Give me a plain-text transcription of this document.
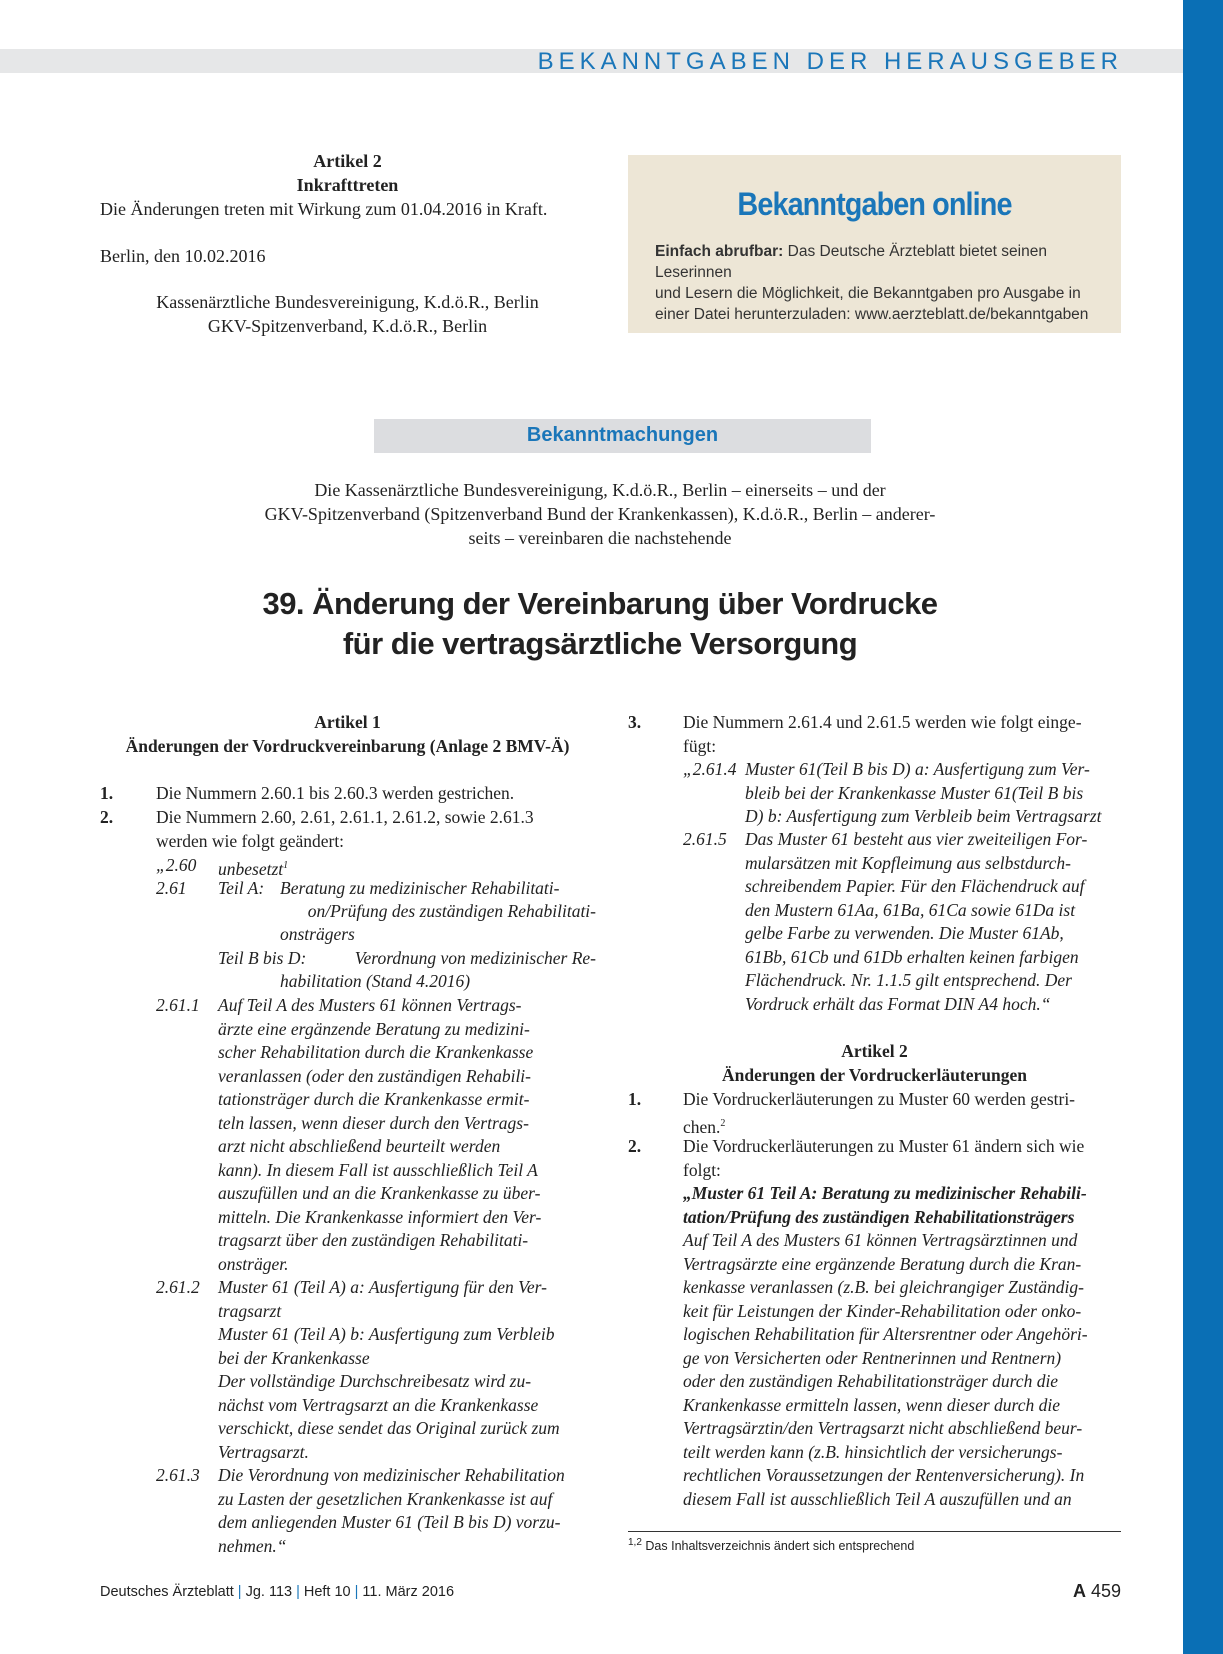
BEKANNTGABEN DER HERAUSGEBER
Artikel 2
Inkrafttreten
Die Änderungen treten mit Wirkung zum 01.04.2016 in Kraft.
Berlin, den 10.02.2016
Kassenärztliche Bundesvereinigung, K.d.ö.R., Berlin
GKV-Spitzenverband, K.d.ö.R., Berlin
Bekanntgaben online
Einfach abrufbar: Das Deutsche Ärzteblatt bietet seinen Leserinnen
und Lesern die Möglichkeit, die Bekanntgaben pro Ausgabe in
einer Datei herunterzuladen: www.aerzteblatt.de/bekanntgaben
Bekanntmachungen
Die Kassenärztliche Bundesvereinigung, K.d.ö.R., Berlin – einerseits – und der
GKV-Spitzenverband (Spitzenverband Bund der Krankenkassen), K.d.ö.R., Berlin – anderer-
seits – vereinbaren die nachstehende
39. Änderung der Vereinbarung über Vordrucke
für die vertragsärztliche Versorgung
Artikel 1
Änderungen der Vordruckvereinbarung (Anlage 2 BMV-Ä)
1. Die Nummern 2.60.1 bis 2.60.3 werden gestrichen.
2. Die Nummern 2.60, 2.61, 2.61.1, 2.61.2, sowie 2.61.3
werden wie folgt geändert:
„2.60 unbesetzt$^1$
2.61 Teil A: Beratung zu medizinischer Rehabilitati-
on/Prüfung des zuständigen Rehabilitati-
onsträgers
Teil B bis D:	Verordnung von medizinischer Re-
habilitation (Stand 4.2016)
2.61.1 Auf Teil A des Musters 61 können Vertrags-
ärzte eine ergänzende Beratung zu medizini-
scher Rehabilitation durch die Krankenkasse
veranlassen (oder den zuständigen Rehabili-
tationsträger durch die Krankenkasse ermit-
teln lassen, wenn dieser durch den Vertrags-
arzt nicht abschließend beurteilt werden
kann). In diesem Fall ist ausschließlich Teil A
auszufüllen und an die Krankenkasse zu über-
mitteln. Die Krankenkasse informiert den Ver-
tragsarzt über den zuständigen Rehabilitati-
onsträger.
2.61.2 Muster 61 (Teil A) a: Ausfertigung für den Ver-
tragsarzt
Muster 61 (Teil A) b: Ausfertigung zum Verbleib
bei der Krankenkasse
Der vollständige Durchschreibesatz wird zu-
nächst vom Vertragsarzt an die Krankenkasse
verschickt, diese sendet das Original zurück zum
Vertragsarzt.
2.61.3 Die Verordnung von medizinischer Rehabilitation
zu Lasten der gesetzlichen Krankenkasse ist auf
dem anliegenden Muster 61 (Teil B bis D) vorzu-
nehmen.“
3. Die Nummern 2.61.4 und 2.61.5 werden wie folgt einge-
fügt:
„2.61.4 Muster 61(Teil B bis D) a: Ausfertigung zum Ver-
bleib bei der Krankenkasse Muster 61(Teil B bis
D) b: Ausfertigung zum Verbleib beim Vertragsarzt
2.61.5 Das Muster 61 besteht aus vier zweiteiligen For-
mularsätzen mit Kopfleimung aus selbstdurch-
schreibendem Papier. Für den Flächendruck auf
den Mustern 61Aa, 61Ba, 61Ca sowie 61Da ist
gelbe Farbe zu verwenden. Die Muster 61Ab,
61Bb, 61Cb und 61Db erhalten keinen farbigen
Flächendruck. Nr. 1.1.5 gilt entsprechend. Der
Vordruck erhält das Format DIN A4 hoch.“
Artikel 2
Änderungen der Vordruckerläuterungen
1. Die Vordruckerläuterungen zu Muster 60 werden gestri-
chen.$^2$
2. Die Vordruckerläuterungen zu Muster 61 ändern sich wie
folgt:
„Muster 61 Teil A: Beratung zu medizinischer Rehabili-
tation/Prüfung des zuständigen Rehabilitationsträgers
Auf Teil A des Musters 61 können Vertragsärztinnen und
Vertragsärzte eine ergänzende Beratung durch die Kran-
kenkasse veranlassen (z.B. bei gleichrangiger Zuständig-
keit für Leistungen der Kinder-Rehabilitation oder onko-
logischen Rehabilitation für Altersrentner oder Angehöri-
ge von Versicherten oder Rentnerinnen und Rentnern)
oder den zuständigen Rehabilitationsträger durch die
Krankenkasse ermitteln lassen, wenn dieser durch die
Vertragsärztin/den Vertragsarzt nicht abschließend beur-
teilt werden kann (z.B. hinsichtlich der versicherungs-
rechtlichen Voraussetzungen der Rentenversicherung). In
diesem Fall ist ausschließlich Teil A auszufüllen und an
$^{1,2}$ Das Inhaltsverzeichnis ändert sich entsprechend
Deutsches Ärzteblatt | Jg. 113 | Heft 10 | 11. März 2016	A 459
